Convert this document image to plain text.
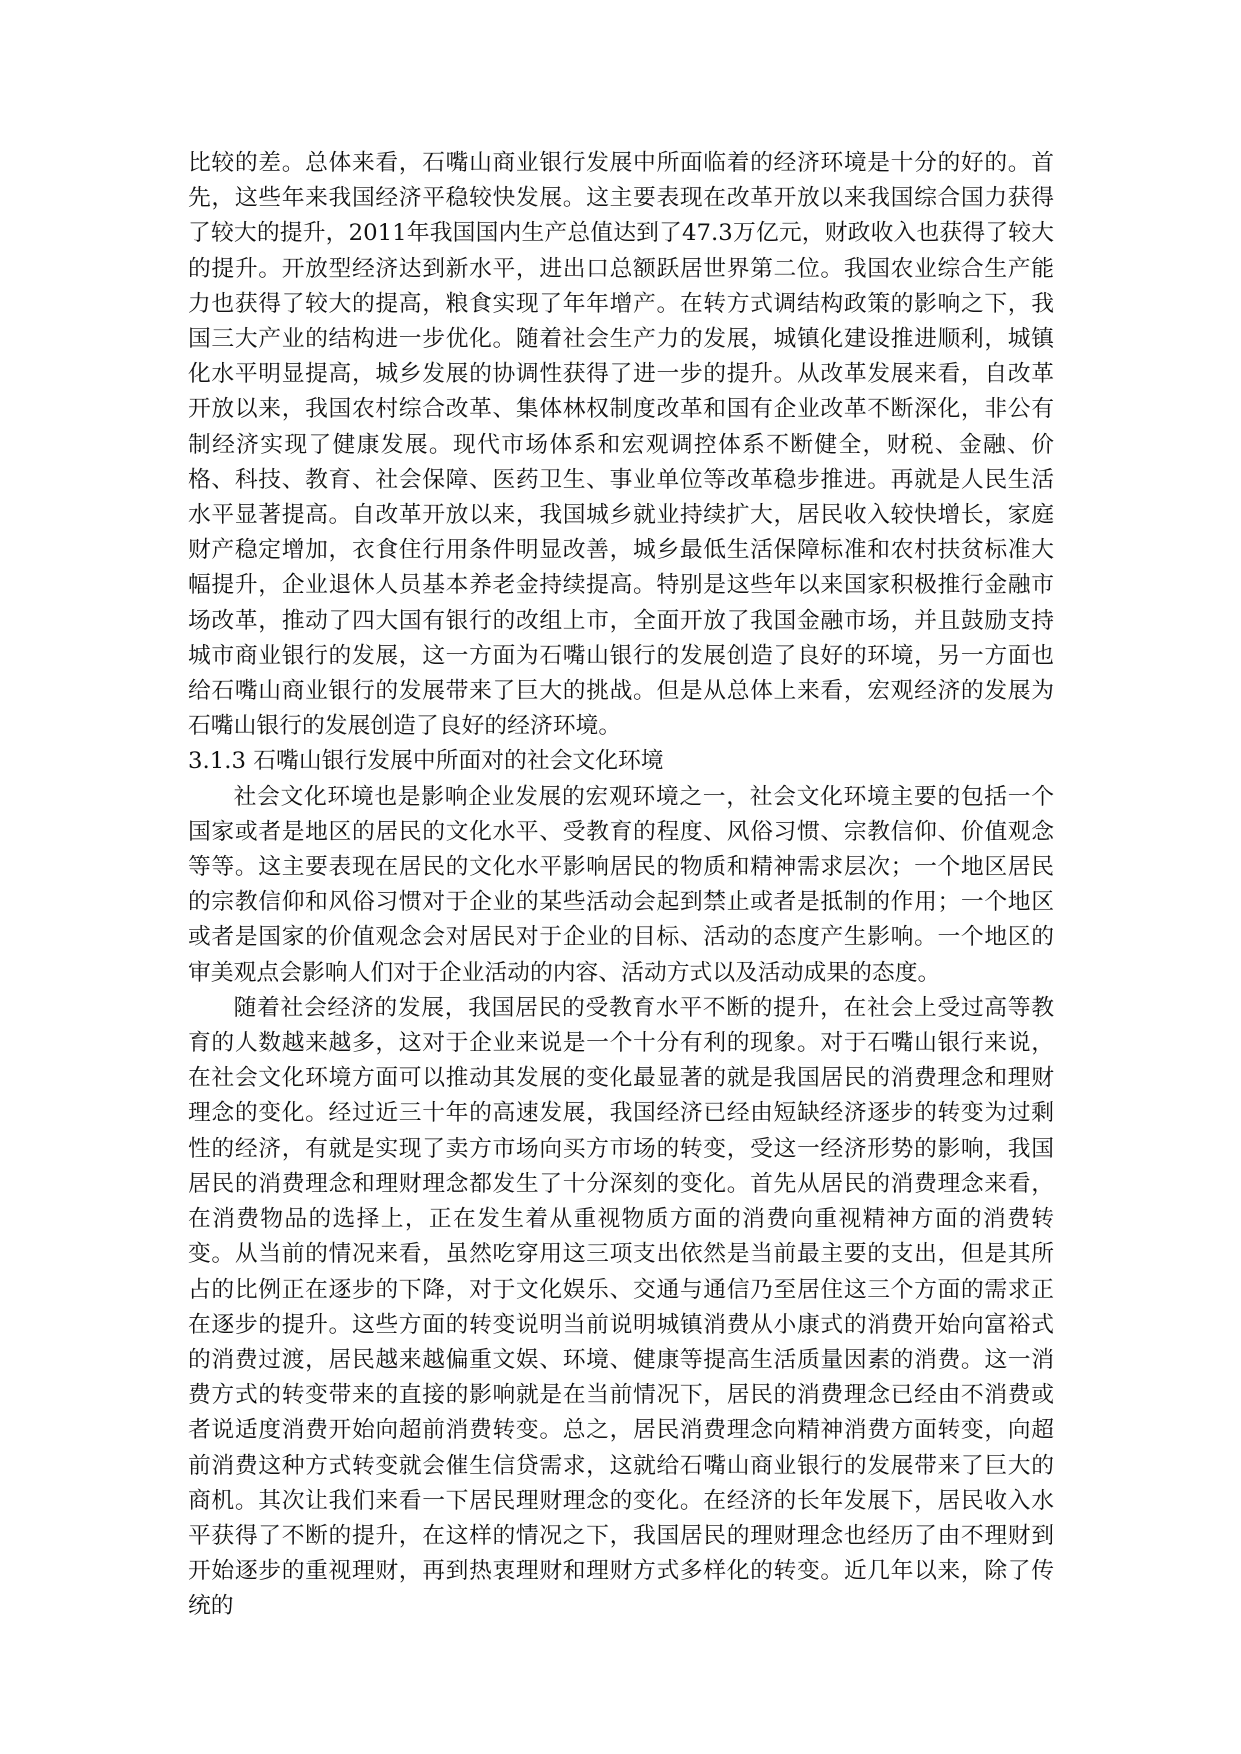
比较的差。总体来看，石嘴山商业银行发展中所面临着的经济环境是十分的好的。首先，这些年来我国经济平稳较快发展。这主要表现在改革开放以来我国综合国力获得了较大的提升，2011年我国国内生产总值达到了47.3万亿元，财政收入也获得了较大的提升。开放型经济达到新水平，进出口总额跃居世界第二位。我国农业综合生产能力也获得了较大的提高，粮食实现了年年增产。在转方式调结构政策的影响之下，我国三大产业的结构进一步优化。随着社会生产力的发展，城镇化建设推进顺利，城镇化水平明显提高，城乡发展的协调性获得了进一步的提升。从改革发展来看，自改革开放以来，我国农村综合改革、集体林权制度改革和国有企业改革不断深化，非公有制经济实现了健康发展。现代市场体系和宏观调控体系不断健全，财税、金融、价格、科技、教育、社会保障、医药卫生、事业单位等改革稳步推进。再就是人民生活水平显著提高。自改革开放以来，我国城乡就业持续扩大，居民收入较快增长，家庭财产稳定增加，衣食住行用条件明显改善，城乡最低生活保障标准和农村扶贫标准大幅提升，企业退休人员基本养老金持续提高。特别是这些年以来国家积极推行金融市场改革，推动了四大国有银行的改组上市，全面开放了我国金融市场，并且鼓励支持城市商业银行的发展，这一方面为石嘴山银行的发展创造了良好的环境，另一方面也给石嘴山商业银行的发展带来了巨大的挑战。但是从总体上来看，宏观经济的发展为石嘴山银行的发展创造了良好的经济环境。

3.1.3 石嘴山银行发展中所面对的社会文化环境

社会文化环境也是影响企业发展的宏观环境之一，社会文化环境主要的包括一个国家或者是地区的居民的文化水平、受教育的程度、风俗习惯、宗教信仰、价值观念等等。这主要表现在居民的文化水平影响居民的物质和精神需求层次；一个地区居民的宗教信仰和风俗习惯对于企业的某些活动会起到禁止或者是抵制的作用；一个地区或者是国家的价值观念会对居民对于企业的目标、活动的态度产生影响。一个地区的审美观点会影响人们对于企业活动的内容、活动方式以及活动成果的态度。

随着社会经济的发展，我国居民的受教育水平不断的提升，在社会上受过高等教育的人数越来越多，这对于企业来说是一个十分有利的现象。对于石嘴山银行来说，在社会文化环境方面可以推动其发展的变化最显著的就是我国居民的消费理念和理财理念的变化。经过近三十年的高速发展，我国经济已经由短缺经济逐步的转变为过剩性的经济，有就是实现了卖方市场向买方市场的转变，受这一经济形势的影响，我国居民的消费理念和理财理念都发生了十分深刻的变化。首先从居民的消费理念来看，在消费物品的选择上，正在发生着从重视物质方面的消费向重视精神方面的消费转变。从当前的情况来看，虽然吃穿用这三项支出依然是当前最主要的支出，但是其所占的比例正在逐步的下降，对于文化娱乐、交通与通信乃至居住这三个方面的需求正在逐步的提升。这些方面的转变说明当前说明城镇消费从小康式的消费开始向富裕式的消费过渡，居民越来越偏重文娱、环境、健康等提高生活质量因素的消费。这一消费方式的转变带来的直接的影响就是在当前情况下，居民的消费理念已经由不消费或者说适度消费开始向超前消费转变。总之，居民消费理念向精神消费方面转变，向超前消费这种方式转变就会催生信贷需求，这就给石嘴山商业银行的发展带来了巨大的商机。其次让我们来看一下居民理财理念的变化。在经济的长年发展下，居民收入水平获得了不断的提升，在这样的情况之下，我国居民的理财理念也经历了由不理财到开始逐步的重视理财，再到热衷理财和理财方式多样化的转变。近几年以来，除了传统的
